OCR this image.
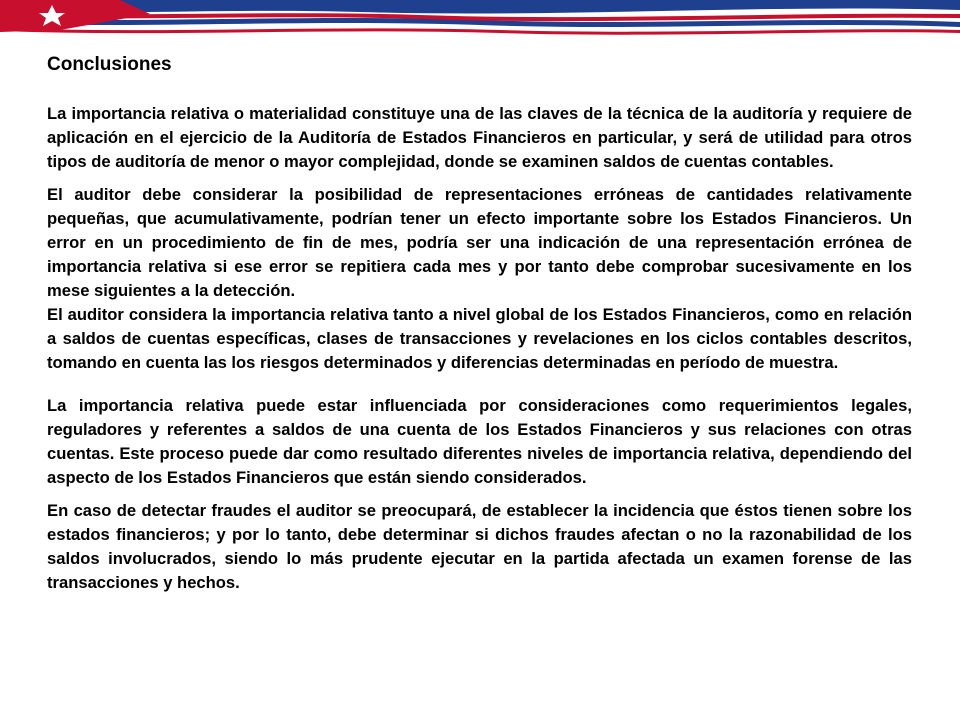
Conclusiones

La importancia relativa o materialidad constituye una de las claves de la técnica de la auditoría y requiere de aplicación en el ejercicio de la Auditoría de Estados Financieros en particular, y será de utilidad para otros tipos de auditoría de menor o mayor complejidad, donde se examinen saldos de cuentas contables.

El auditor debe considerar la posibilidad de representaciones erróneas de cantidades relativamente pequeñas, que acumulativamente, podrían tener un efecto importante sobre los Estados Financieros. Un error en un procedimiento de fin de mes, podría ser una indicación de una representación errónea de importancia relativa si ese error se repitiera cada mes y por tanto debe comprobar sucesivamente en los mese siguientes a la detección.

El auditor considera la importancia relativa tanto a nivel global de los Estados Financieros, como en relación a saldos de cuentas específicas, clases de transacciones y revelaciones en los ciclos contables descritos, tomando en cuenta las los riesgos determinados y diferencias determinadas en período de muestra.

La importancia relativa puede estar influenciada por consideraciones como requerimientos legales, reguladores y referentes a saldos de una cuenta de los Estados Financieros y sus relaciones con otras cuentas. Este proceso puede dar como resultado diferentes niveles de importancia relativa, dependiendo del aspecto de los Estados Financieros que están siendo considerados.

En caso de detectar fraudes el auditor se preocupará, de establecer la incidencia que éstos tienen sobre los estados financieros; y por lo tanto, debe determinar si dichos fraudes afectan o no la razonabilidad de los saldos involucrados, siendo lo más prudente ejecutar en la partida afectada un examen forense de las transacciones y hechos.
